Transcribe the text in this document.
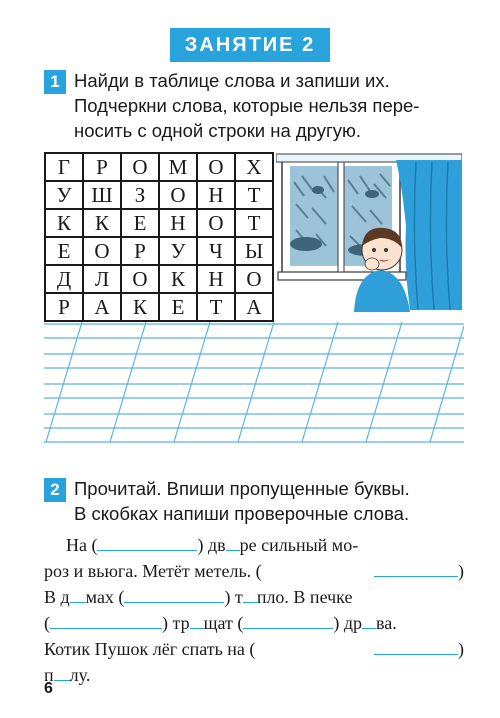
ЗАНЯТИЕ 2
1 Найди в таблице слова и запиши их.
Подчеркни слова, которые нельзя пере-
носить с одной строки на другую.
Г	Р	О	М	О	Х
У	Ш	З	О	Н	Т
К	К	Е	Н	О	Т
Е	О	Р	У	Ч	Ы
Д	Л	О	К	Н	О
Р	А	К	Е	Т	А
2 Прочитай. Впиши пропущенные буквы.
В скобках напиши проверочные слова.
На (	) дв ре сильный мо-
роз и вьюга. Метёт метель. (	)
В д мах (	) т пло. В печке
(	) тр щат (	) др ва.
Котик Пушок лёг спать на (	)
п лу.
6
